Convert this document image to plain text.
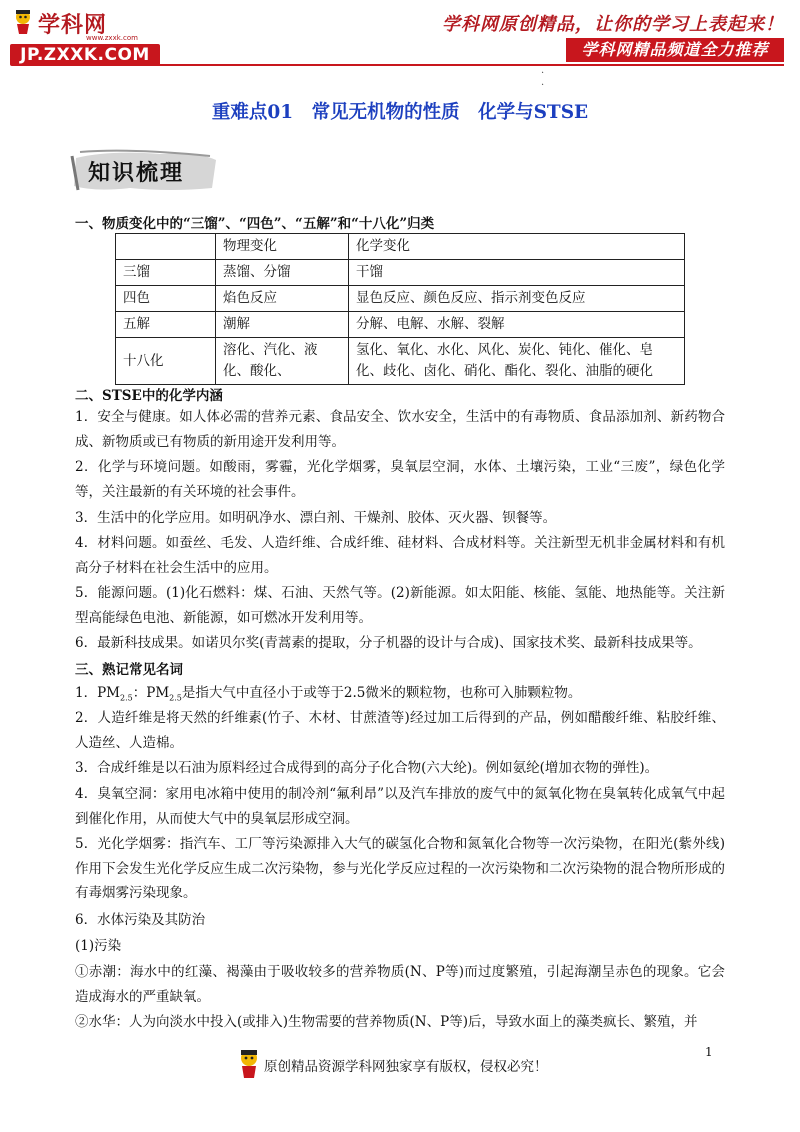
学科网
www.zxxk.com
JP.ZXXK.COM
学科网原创精品，让你的学习上表起来！
学科网精品频道全力推荐
·
·
重难点01　常见无机物的性质　化学与STSE
知识梳理
一、物质变化中的“三馏”、“四色”、“五解”和“十八化”归类
	物理变化	化学变化
三馏	蒸馏、分馏	干馏
四色	焰色反应	显色反应、颜色反应、指示剂变色反应
五解	潮解	分解、电解、水解、裂解
十八化	溶化、汽化、液化、酸化、	氢化、氧化、水化、风化、炭化、钝化、催化、皂化、歧化、卤化、硝化、酯化、裂化、油脂的硬化
二、STSE中的化学内涵
1．安全与健康。如人体必需的营养元素、食品安全、饮水安全，生活中的有毒物质、食品添加剂、新药物合成、新物质或已有物质的新用途开发利用等。
2．化学与环境问题。如酸雨，雾霾，光化学烟雾，臭氧层空洞，水体、土壤污染，工业“三废”，绿色化学等，关注最新的有关环境的社会事件。
3．生活中的化学应用。如明矾净水、漂白剂、干燥剂、胶体、灭火器、钡餐等。
4．材料问题。如蚕丝、毛发、人造纤维、合成纤维、硅材料、合成材料等。关注新型无机非金属材料和有机高分子材料在社会生活中的应用。
5．能源问题。(1)化石燃料：煤、石油、天然气等。(2)新能源。如太阳能、核能、氢能、地热能等。关注新型高能绿色电池、新能源，如可燃冰开发利用等。
6．最新科技成果。如诺贝尔奖(青蒿素的提取，分子机器的设计与合成)、国家技术奖、最新科技成果等。
三、熟记常见名词
1．$PM_{2.5}$：$PM_{2.5}$是指大气中直径小于或等于2.5微米的颗粒物，也称可入肺颗粒物。
2．人造纤维是将天然的纤维素(竹子、木材、甘蔗渣等)经过加工后得到的产品，例如醋酸纤维、粘胶纤维、人造丝、人造棉。
3．合成纤维是以石油为原料经过合成得到的高分子化合物(六大纶)。例如氨纶(增加衣物的弹性)。
4．臭氧空洞：家用电冰箱中使用的制冷剂“氟利昂”以及汽车排放的废气中的氮氧化物在臭氧转化成氧气中起到催化作用，从而使大气中的臭氧层形成空洞。
5．光化学烟雾：指汽车、工厂等污染源排入大气的碳氢化合物和氮氧化合物等一次污染物，在阳光(紫外线)作用下会发生光化学反应生成二次污染物，参与光化学反应过程的一次污染物和二次污染物的混合物所形成的有毒烟雾污染现象。
6．水体污染及其防治
(1)污染
①赤潮：海水中的红藻、褐藻由于吸收较多的营养物质(N、P等)而过度繁殖，引起海潮呈赤色的现象。它会造成海水的严重缺氧。
②水华：人为向淡水中投入(或排入)生物需要的营养物质(N、P等)后，导致水面上的藻类疯长、繁殖，并
1
原创精品资源学科网独家享有版权，侵权必究！
